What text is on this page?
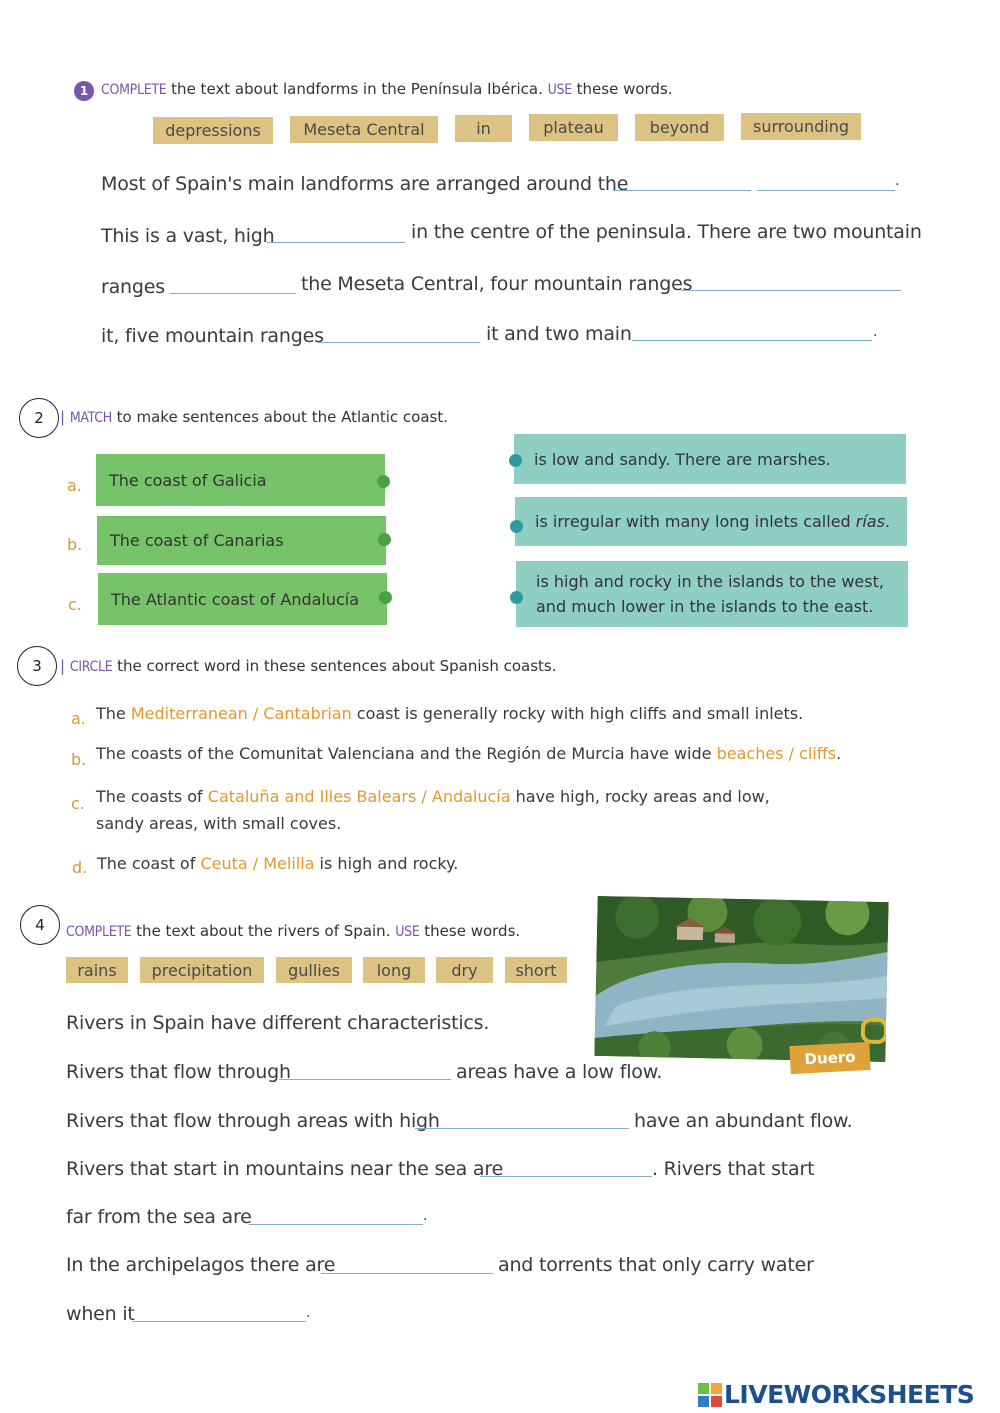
1 COMPLETE the text about landforms in the Península Ibérica. USE these words.
depressions	Meseta Central	in	plateau	beyond	surrounding
Most of Spain's main landforms are arranged around the	.
This is a vast, high	in the centre of the peninsula. There are two mountain
ranges	the Meseta Central, four mountain ranges
it, five mountain ranges	it and two main	.
2	| MATCH to make sentences about the Atlantic coast.
a.	The coast of Galicia
b.	The coast of Canarias
c.	The Atlantic coast of Andalucía
is low and sandy. There are marshes.
is irregular with many long inlets called
rías .
is high and rocky in the islands to the west,
and much lower in the islands to the east.
3	| CIRCLE the correct word in these sentences about Spanish coasts.
a. The Mediterranean / Cantabrian coast is generally rocky with high cliffs and small inlets.
b. The coasts of the Comunitat Valenciana and the Región de Murcia have wide beaches / cliffs.
c. The coasts of Cataluña and Illes Balears / Andalucía have high, rocky areas and low,
sandy areas, with small coves.
d. The coast of Ceuta / Melilla is high and rocky.
4	COMPLETE the text about the rivers of Spain. USE these words.
rains	precipitation	gullies	long	dry	short
Duero
Rivers in Spain have different characteristics.
Rivers that flow through	areas have a low flow.
Rivers that flow through areas with high	have an abundant flow.
Rivers that start in mountains near the sea are	. Rivers that start
far from the sea are	.
In the archipelagos there are	and torrents that only carry water
when it	.
LIVEWORKSHEETS
